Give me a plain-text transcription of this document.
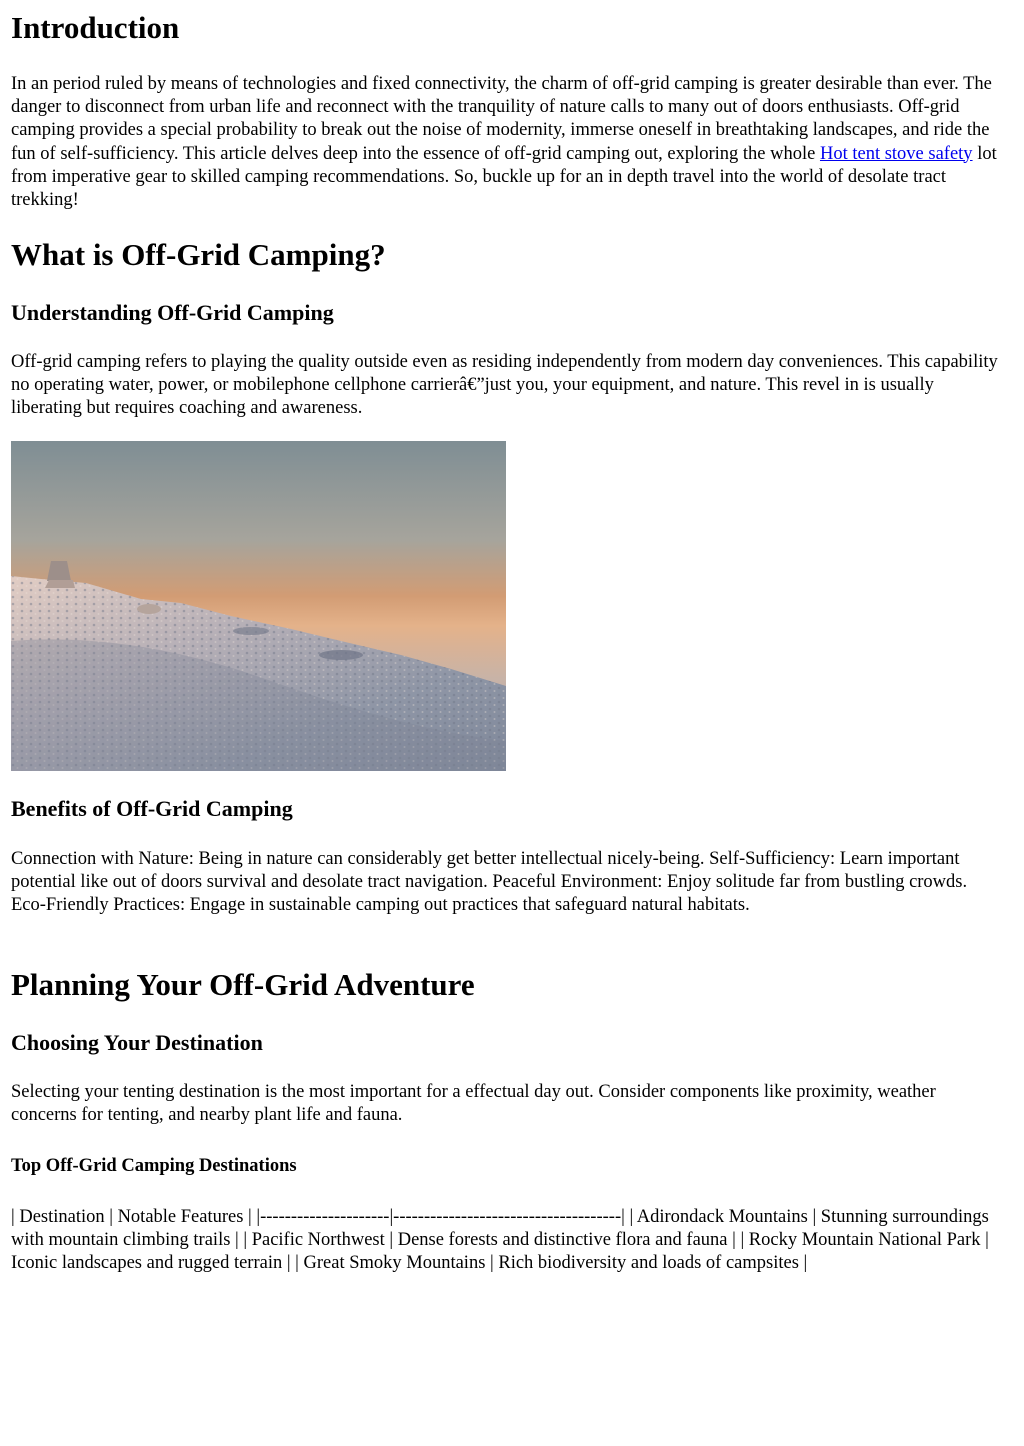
Introduction

In an period ruled by means of technologies and fixed connectivity, the charm of off-grid camping is greater desirable than ever. The danger to disconnect from urban life and reconnect with the tranquility of nature calls to many out of doors enthusiasts. Off-grid camping provides a special probability to break out the noise of modernity, immerse oneself in breathtaking landscapes, and ride the fun of self-sufficiency. This article delves deep into the essence of off-grid camping out, exploring the whole Hot tent stove safety lot from imperative gear to skilled camping recommendations. So, buckle up for an in depth travel into the world of desolate tract trekking!

What is Off-Grid Camping?
Understanding Off-Grid Camping

Off-grid camping refers to playing the quality outside even as residing independently from modern day conveniences. This capability no operating water, power, or mobilephone cellphone carrierâ€”just you, your equipment, and nature. This revel in is usually liberating but requires coaching and awareness.

Benefits of Off-Grid Camping

Connection with Nature: Being in nature can considerably get better intellectual nicely-being. Self-Sufficiency: Learn important potential like out of doors survival and desolate tract navigation. Peaceful Environment: Enjoy solitude far from bustling crowds. Eco-Friendly Practices: Engage in sustainable camping out practices that safeguard natural habitats.

Planning Your Off-Grid Adventure
Choosing Your Destination

Selecting your tenting destination is the most important for a effectual day out. Consider components like proximity, weather concerns for tenting, and nearby plant life and fauna.

Top Off-Grid Camping Destinations

| Destination | Notable Features | |---------------------|-------------------------------------| | Adirondack Mountains | Stunning surroundings with mountain climbing trails | | Pacific Northwest | Dense forests and distinctive flora and fauna | | Rocky Mountain National Park | Iconic landscapes and rugged terrain | | Great Smoky Mountains | Rich biodiversity and loads of campsites |
